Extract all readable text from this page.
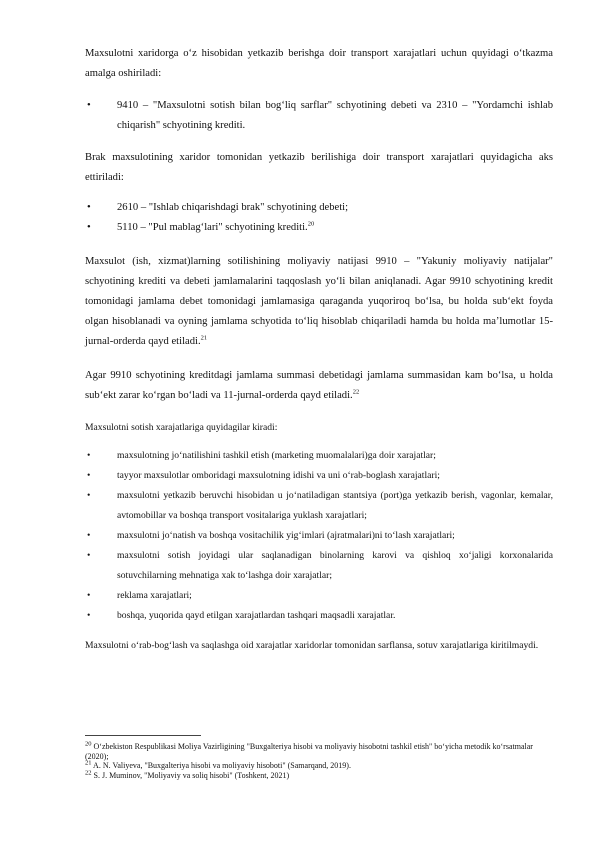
Maxsulotni xaridorga o‘z hisobidan yetkazib berishga doir transport xarajatlari uchun quyidagi o‘tkazma amalga oshiriladi:

• 9410 – "Maxsulotni sotish bilan bog‘liq sarflar" schyotining debeti va 2310 – "Yordamchi ishlab chiqarish" schyotining krediti.

Brak maxsulotining xaridor tomonidan yetkazib berilishiga doir transport xarajatlari quyidagicha aks ettiriladi:

• 2610 – "Ishlab chiqarishdagi brak" schyotining debeti;
• 5110 – "Pul mablag‘lari" schyotining krediti.$^{20}$

Maxsulot (ish, xizmat)larning sotilishining moliyaviy natijasi 9910 – "Yakuniy moliyaviy natijalar" schyotining krediti va debeti jamlamalarini taqqoslash yo‘li bilan aniqlanadi. Agar 9910 schyotining kredit tomonidagi jamlama debet tomonidagi jamlamasiga qaraganda yuqoriroq bo‘lsa, bu holda sub‘ekt foyda olgan hisoblanadi va oyning jamlama schyotida to‘liq hisoblab chiqariladi hamda bu holda ma’lumotlar 15-jurnal-orderda qayd etiladi.$^{21}$

Agar 9910 schyotining kreditdagi jamlama summasi debetidagi jamlama summasidan kam bo‘lsa, u holda sub‘ekt zarar ko‘rgan bo‘ladi va 11-jurnal-orderda qayd etiladi.$^{22}$

Maxsulotni sotish xarajatlariga quyidagilar kiradi:

•	maxsulotning jo‘natilishini tashkil etish (marketing muomalalari)ga doir xarajatlar;
•	tayyor maxsulotlar omboridagi maxsulotning idishi va uni o‘rab-boglash xarajatlari;
•	maxsulotni yetkazib beruvchi hisobidan u jo‘natiladigan stantsiya (port)ga yetkazib berish, vagonlar, kemalar, avtomobillar va boshqa transport vositalariga yuklash xarajatlari;
•	maxsulotni jo‘natish va boshqa vositachilik yig‘imlari (ajratmalari)ni to‘lash xarajatlari;
•	maxsulotni sotish joyidagi ular saqlanadigan binolarning karovi va qishloq xo‘jaligi korxonalarida sotuvchilarning mehnatiga xak to‘lashga doir xarajatlar;
•	reklama xarajatlari;
•	boshqa, yuqorida qayd etilgan xarajatlardan tashqari maqsadli xarajatlar.

Maxsulotni o‘rab-bog‘lash va saqlashga oid xarajatlar xaridorlar tomonidan sarflansa, sotuv xarajatlariga kiritilmaydi.

$^{20}$ O‘zbekiston Respublikasi Moliya Vazirligining "Buxgalteriya hisobi va moliyaviy hisobotni tashkil etish" bo‘yicha metodik ko‘rsatmalar (2020);

$^{21}$ A. N. Valiyeva, "Buxgalteriya hisobi va moliyaviy hisoboti" (Samarqand, 2019).

$^{22}$ S. J. Muminov, "Moliyaviy va soliq hisobi" (Toshkent, 2021)
